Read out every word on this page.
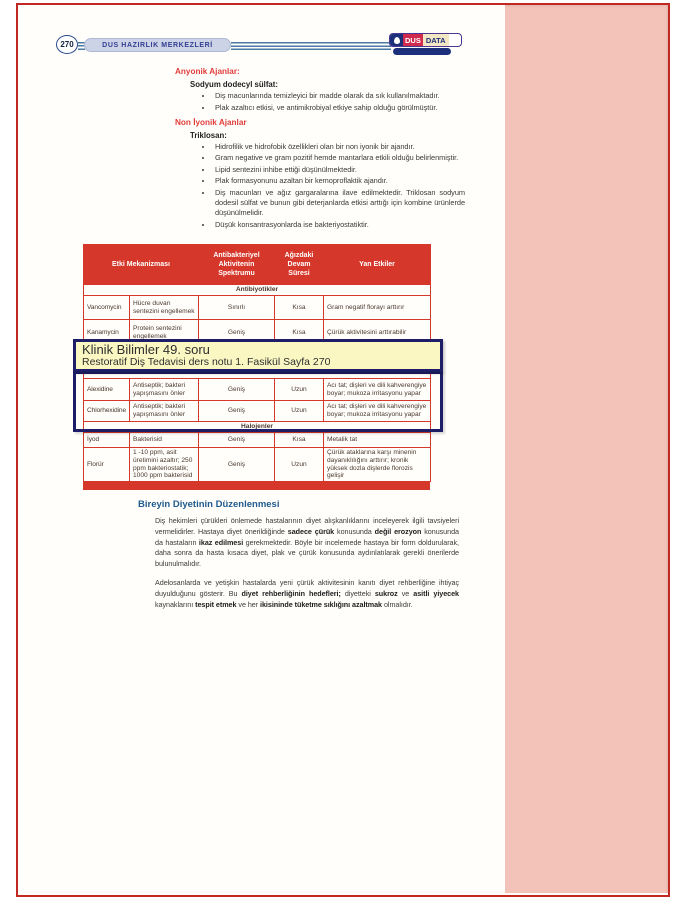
270	DUS HAZIRLIK MERKEZLERİ
DUS DATA
Anyonik Ajanlar:
Sodyum dodecyl sülfat:
• Diş macunlarında temizleyici bir madde olarak da sık kullanılmaktadır.
• Plak azaltıcı etkisi, ve antimikrobiyal etkiye sahip olduğu görülmüştür.
Non İyonik Ajanlar
Triklosan:
• Hidrofilik ve hidrofobik özellikleri olan bir non iyonik bir ajandır.
• Gram negative ve gram pozitif hemde mantarlara etkili olduğu belirlenmiştir.
• Lipid sentezini inhibe ettiği düşünülmektedir.
• Plak formasyonunu azaltan bir kemoproflaktik ajandır.
• Diş macunları ve ağız gargaralarına ilave edilmektedir. Triklosan sodyum dodesil sülfat ve bunun gibi deterjanlarda etkisi arttığı için kombine ürünlerde düşünülmelidir.
• Düşük konsantrasyonlarda ise bakteriyostatiktir.
Etki Mekanizması		Antibakteriyel Aktivitenin Spektrumu	Ağızdaki Devam Süresi	Yan Etkiler
Antibiyotikler				
Vancomycin	Hücre duvarı sentezini engellemek	Sınırlı	Kısa	Gram negatif florayı arttırır
Kanamycin	Protein sentezini engellemek	Geniş	Kısa	Çürük aktivitesini arttırabilir

Alexidine	Antiseptik; bakteri yapışmasını önler	Geniş	Uzun	Acı tat; dişleri ve dili kahverengiye boyar; mukoza irritasyonu yapar
Chlorhexidine	Antiseptik; bakteri yapışmasını önler	Geniş	Uzun	Acı tat; dişleri ve dili kahverengiye boyar; mukoza irritasyonu yapar
Halojenler				
İyod	Bakterisid	Geniş	Kısa	Metalik tat
Florür	1 -10 ppm, asit üretimini azaltır; 250 ppm bakteriostatik; 1000 ppm bakterisid	Geniş	Uzun	Çürük ataklarına karşı minenin dayanıklılığını arttırır; kronik yüksek dozla dişlerde florozis gelişir
Klinik Bilimler 49. soru
Restoratif Diş Tedavisi ders notu 1. Fasikül Sayfa 270
Bireyin Diyetinin Düzenlenmesi

Diş hekimleri çürükleri önlemede hastalarının diyet alışkanlıklarını inceleyerek ilgili tavsiyeleri vermelidirler. Hastaya diyet önerildiğinde sadece çürük konusunda değil erozyon konusunda da hastaların ikaz edilmesi gerekmektedir. Böyle bir incelemede hastaya bir form doldurularak, daha sonra da hasta kısaca diyet, plak ve çürük konusunda aydınlatılarak gerekli önerilerde bulunulmalıdır.

Adelosanlarda ve yetişkin hastalarda yeni çürük aktivitesinin kanıtı diyet rehberliğine ihtiyaç duyulduğunu gösterir. Bu diyet rehberliğinin hedefleri; diyetteki sukroz ve asitli yiyecek kaynaklarını tespit etmek ve her ikisininde tüketme sıklığını azaltmak olmalıdır.
